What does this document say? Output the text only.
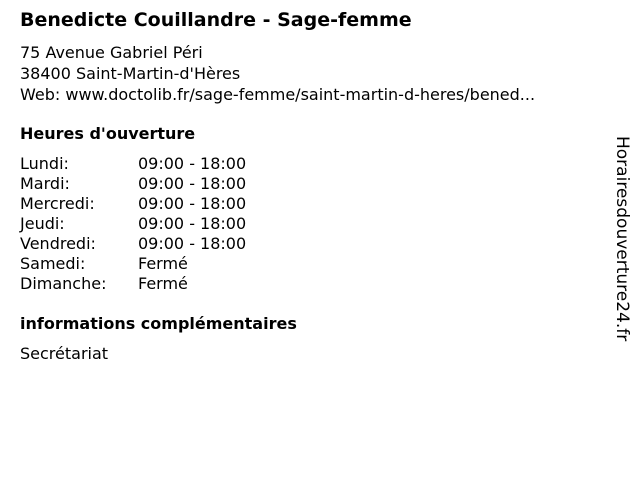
Benedicte Couillandre - Sage-femme
75 Avenue Gabriel Péri
38400 Saint-Martin-d'Hères
Web: www.doctolib.fr/sage-femme/saint-martin-d-heres/bened...
Heures d'ouverture
Lundi:	09:00 - 18:00
Mardi:	09:00 - 18:00
Mercredi:	09:00 - 18:00
Jeudi:	09:00 - 18:00
Vendredi:	09:00 - 18:00
Samedi:	Fermé
Dimanche: Fermé
informations complémentaires
Secrétariat
Horairesdouverture24.fr
